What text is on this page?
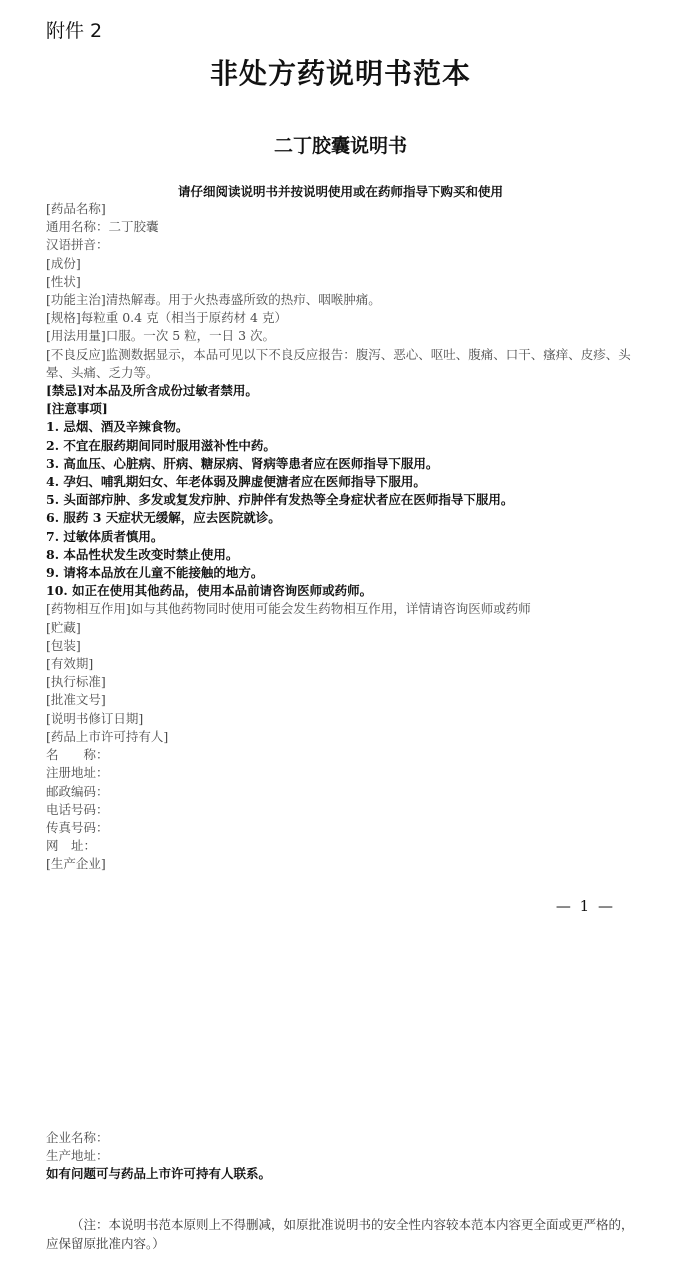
附件 2
非处方药说明书范本
二丁胶囊说明书
请仔细阅读说明书并按说明使用或在药师指导下购买和使用
[药品名称]
通用名称：二丁胶囊
汉语拼音：
[成份]
[性状]
[功能主治]清热解毒。用于火热毒盛所致的热疖、咽喉肿痛。
[规格]每粒重 0.4 克（相当于原药材 4 克）
[用法用量]口服。一次 5 粒，一日 3 次。
[不良反应]监测数据显示，本品可见以下不良反应报告：腹泻、恶心、呕吐、腹痛、口干、瘙痒、皮疹、头晕、头痛、乏力等。
[禁忌]对本品及所含成份过敏者禁用。
[注意事项]
1. 忌烟、酒及辛辣食物。
2. 不宜在服药期间同时服用滋补性中药。
3. 高血压、心脏病、肝病、糖尿病、肾病等患者应在医师指导下服用。
4. 孕妇、哺乳期妇女、年老体弱及脾虚便溏者应在医师指导下服用。
5. 头面部疖肿、多发或复发疖肿、疖肿伴有发热等全身症状者应在医师指导下服用。
6. 服药 3 天症状无缓解，应去医院就诊。
7. 过敏体质者慎用。
8. 本品性状发生改变时禁止使用。
9. 请将本品放在儿童不能接触的地方。
10. 如正在使用其他药品，使用本品前请咨询医师或药师。
[药物相互作用]如与其他药物同时使用可能会发生药物相互作用，详情请咨询医师或药师
[贮藏]
[包装]
[有效期]
[执行标准]
[批准文号]
[说明书修订日期]
[药品上市许可持有人]
名　　称：
注册地址：
邮政编码：
电话号码：
传真号码：
网　址：
[生产企业]
— 1 —
企业名称：
生产地址：
如有问题可与药品上市许可持有人联系。
（注：本说明书范本原则上不得删减，如原批准说明书的安全性内容较本范本内容更全面或更严格的，应保留原批准内容。）
